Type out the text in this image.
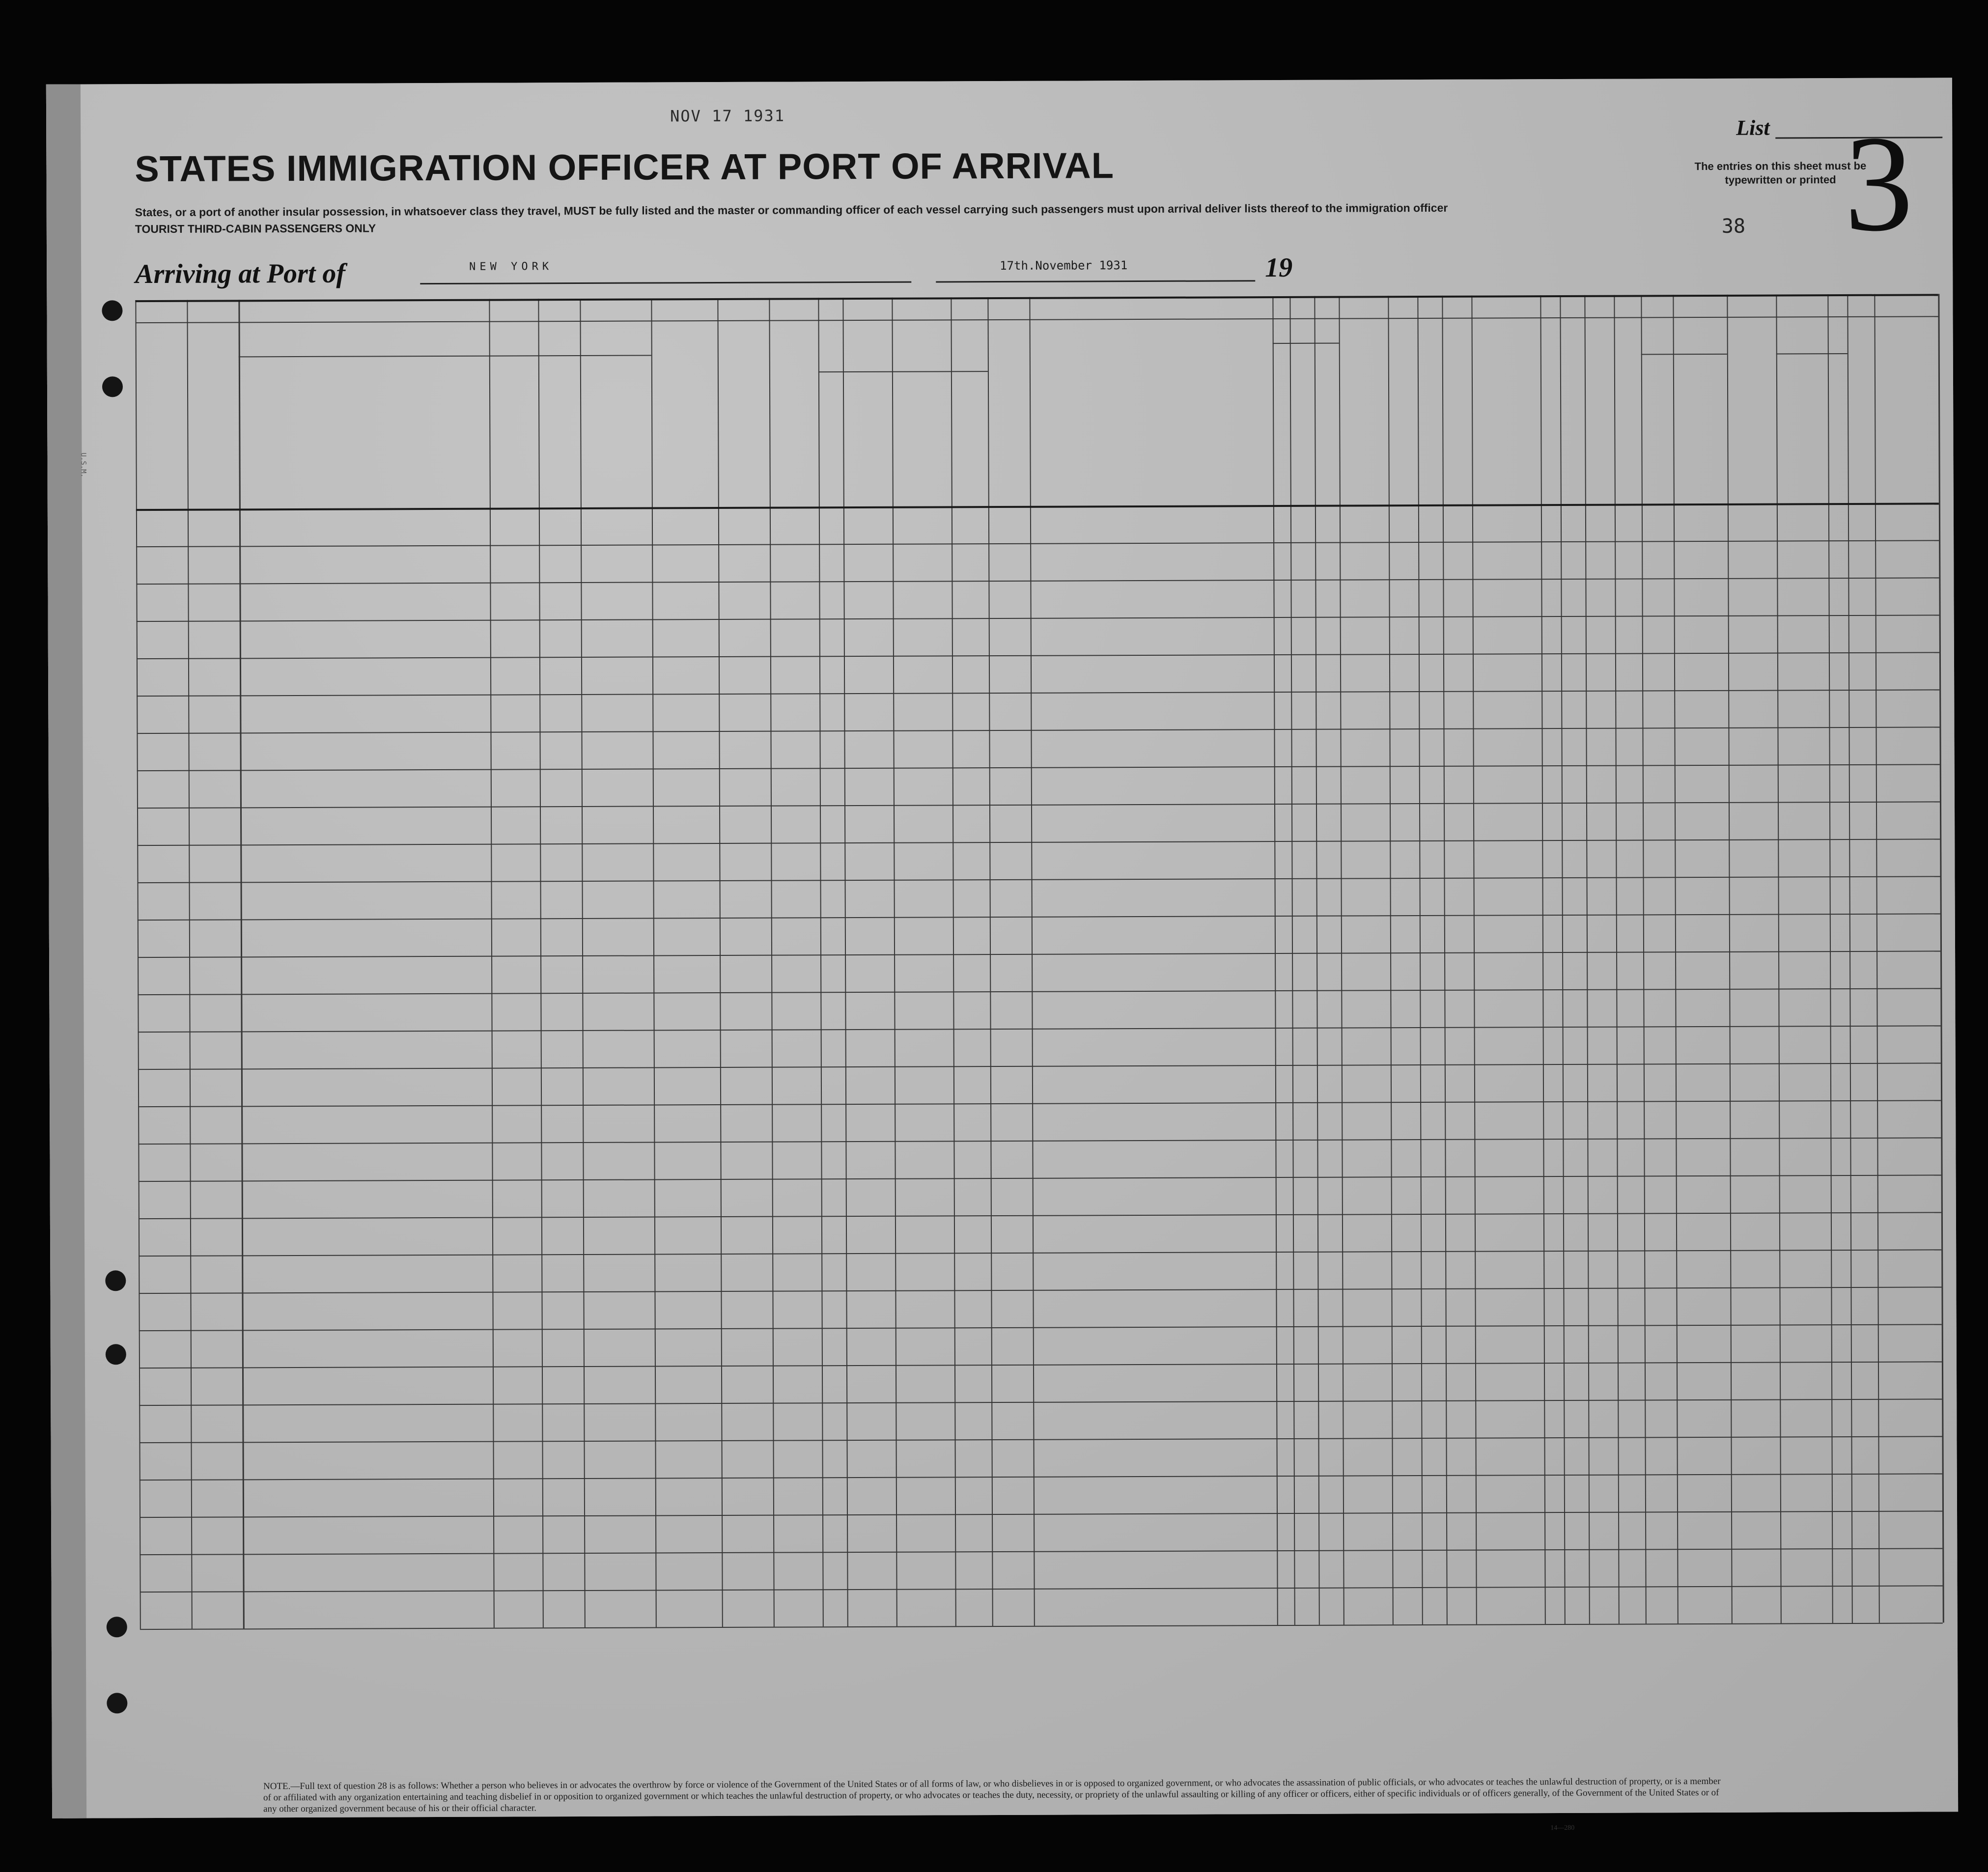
U.S.M.
NOV 17 1931
STATES IMMIGRATION OFFICER AT PORT OF ARRIVAL
States, or a port of another insular possession, in whatsoever class they travel, MUST be fully listed and the master or commanding officer of each vessel carrying such passengers must upon arrival deliver lists thereof to the immigration officer
TOURIST THIRD-CABIN PASSENGERS ONLY
List 3
The entries on this sheet must be typewritten or printed
38
Arriving at Port of	NEW YORK	17th.November 1931	19
NOTE.—Full text of question 28 is as follows: Whether a person who believes in or advocates the overthrow by force or violence of the Government of the United States or of all forms of law, or who disbelieves in or is opposed to organized government, or who advocates the assassination of public officials, or who advocates or teaches the unlawful destruction of property, or is a member of or affiliated with any organization entertaining and teaching disbelief in or opposition to organized government or which teaches the unlawful destruction of property, or who advocates or teaches the duty, necessity, or propriety of the unlawful assaulting or killing of any officer or officers, either of specific individuals or of officers generally, of the Government of the United States or of any other organized government because of his or their official character.
14—280
